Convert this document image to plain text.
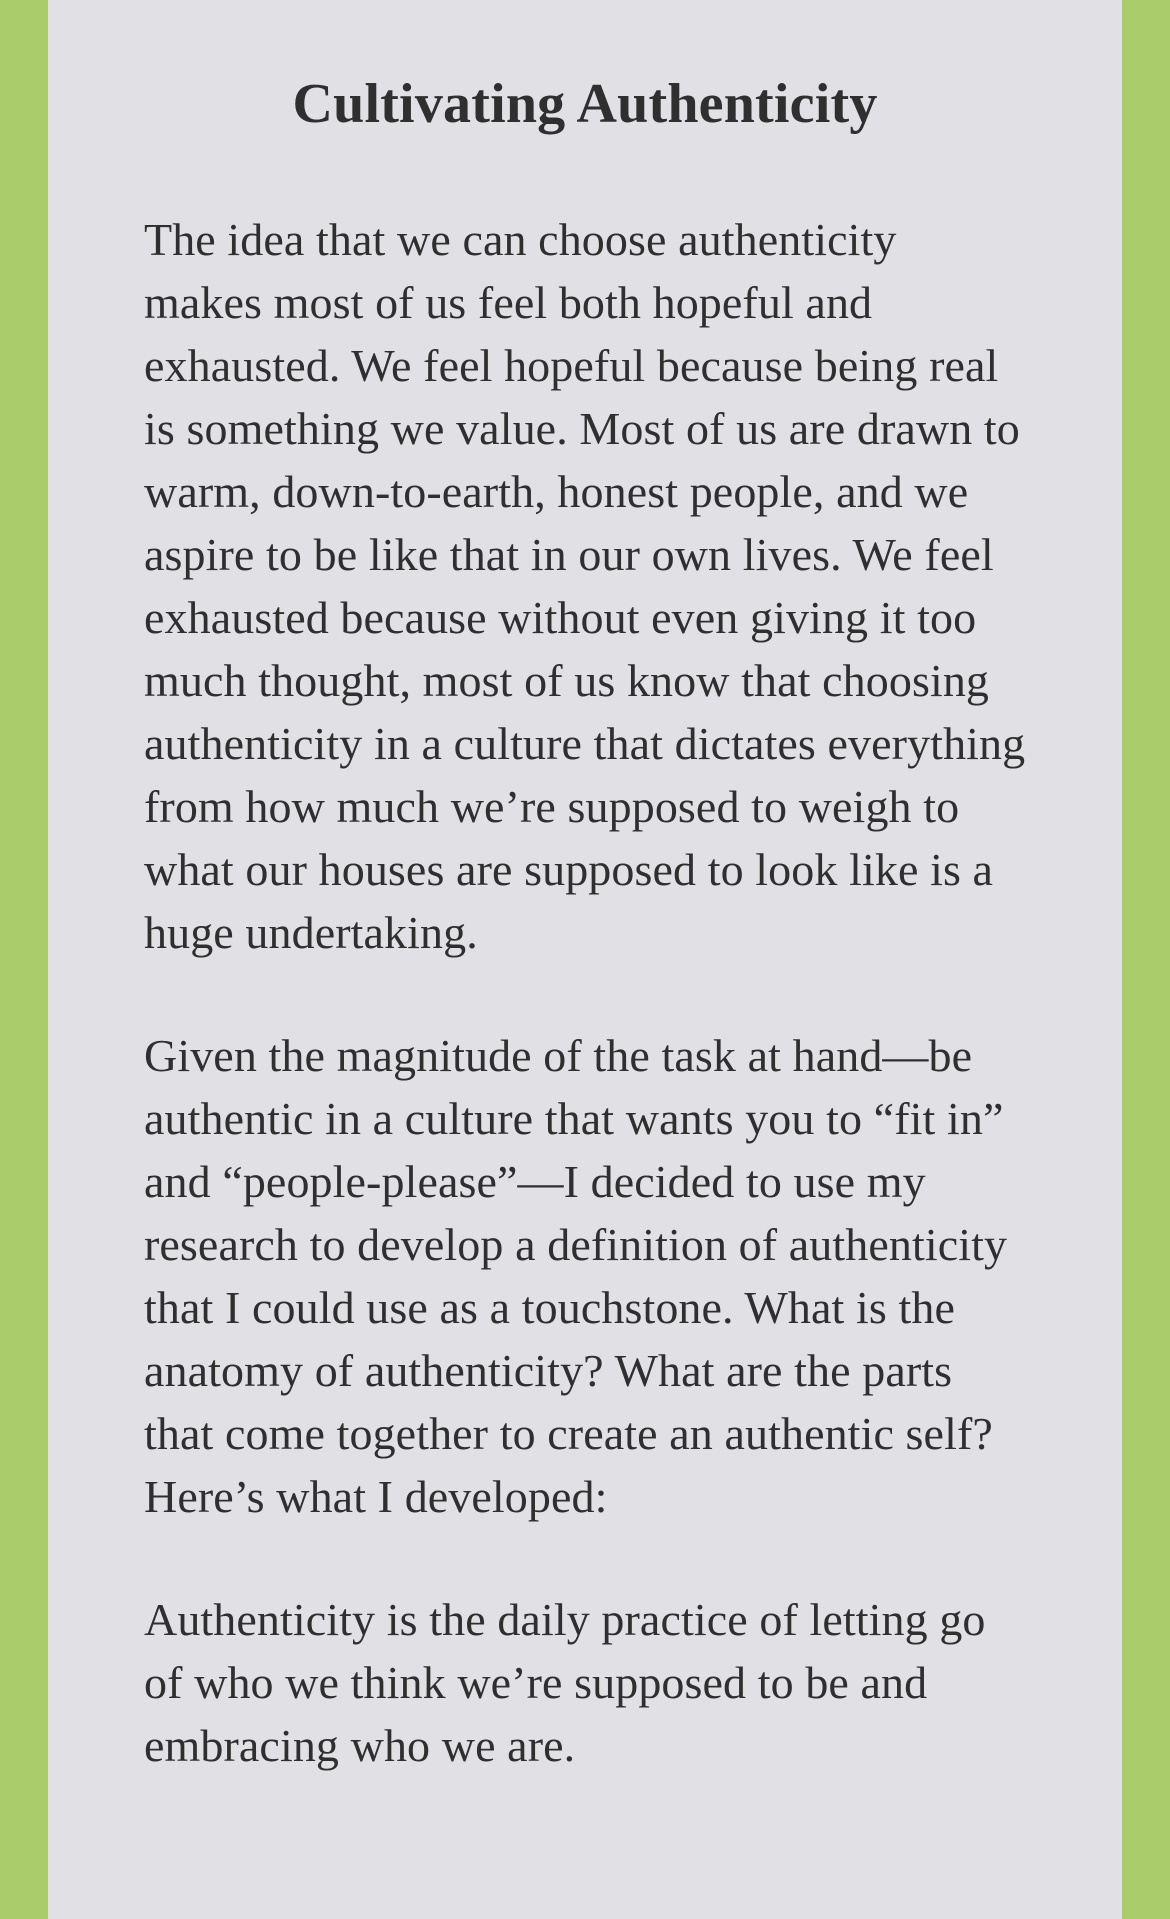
Cultivating Authenticity

The idea that we can choose authenticity makes most of us feel both hopeful and exhausted. We feel hopeful because being real is something we value. Most of us are drawn to warm, down-to-earth, honest people, and we aspire to be like that in our own lives. We feel exhausted because without even giving it too much thought, most of us know that choosing authenticity in a culture that dictates everything from how much we’re supposed to weigh to what our houses are supposed to look like is a huge undertaking.

Given the magnitude of the task at hand—be authentic in a culture that wants you to “fit in” and “people-please”—I decided to use my research to develop a definition of authenticity that I could use as a touchstone. What is the anatomy of authenticity? What are the parts that come together to create an authentic self? Here’s what I developed:

Authenticity is the daily practice of letting go of who we think we’re supposed to be and embracing who we are.
